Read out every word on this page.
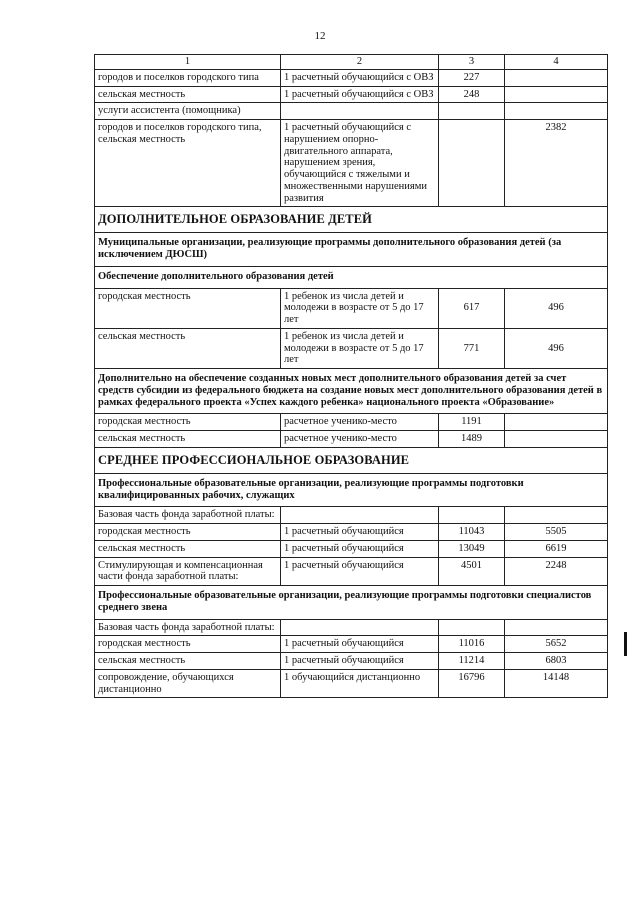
12
1	2	3	4
городов и поселков городского типа	1 расчетный обучающийся с ОВЗ	227	
сельская местность	1 расчетный обучающийся с ОВЗ	248	
услуги ассистента (помощника)			
городов и поселков городского типа, сельская местность	1 расчетный обучающийся с нарушением опорно-двигательного аппарата, нарушением зрения, обучающийся с тяжелыми и множественными нарушениями развития		2382
ДОПОЛНИТЕЛЬНОЕ ОБРАЗОВАНИЕ ДЕТЕЙ			
Муниципальные организации, реализующие программы дополнительного образования детей (за исключением ДЮСШ)			
Обеспечение дополнительного образования детей			
городская местность	1 ребенок из числа детей и молодежи в возрасте от 5 до 17 лет	617	496
сельская местность	1 ребенок из числа детей и молодежи в возрасте от 5 до 17 лет	771	496
Дополнительно на обеспечение созданных новых мест дополнительного образования детей за счет средств субсидии из федерального бюджета на создание новых мест дополнительного образования детей в рамках федерального проекта «Успех каждого ребенка» национального проекта «Образование»			
городская местность	расчетное ученико-место	1191	
сельская местность	расчетное ученико-место	1489	
СРЕДНЕЕ ПРОФЕССИОНАЛЬНОЕ ОБРАЗОВАНИЕ			
Профессиональные образовательные организации, реализующие программы подготовки квалифицированных рабочих, служащих			
Базовая часть фонда заработной платы:			
городская местность	1 расчетный обучающийся	11043	5505
сельская местность	1 расчетный обучающийся	13049	6619
Стимулирующая и компенсационная части фонда заработной платы:	1 расчетный обучающийся	4501	2248
Профессиональные образовательные организации, реализующие программы подготовки специалистов среднего звена			
Базовая часть фонда заработной платы:			
городская местность	1 расчетный обучающийся	11016	5652
сельская местность	1 расчетный обучающийся	11214	6803
сопровождение, обучающихся дистанционно	1 обучающийся дистанционно	16796	14148
